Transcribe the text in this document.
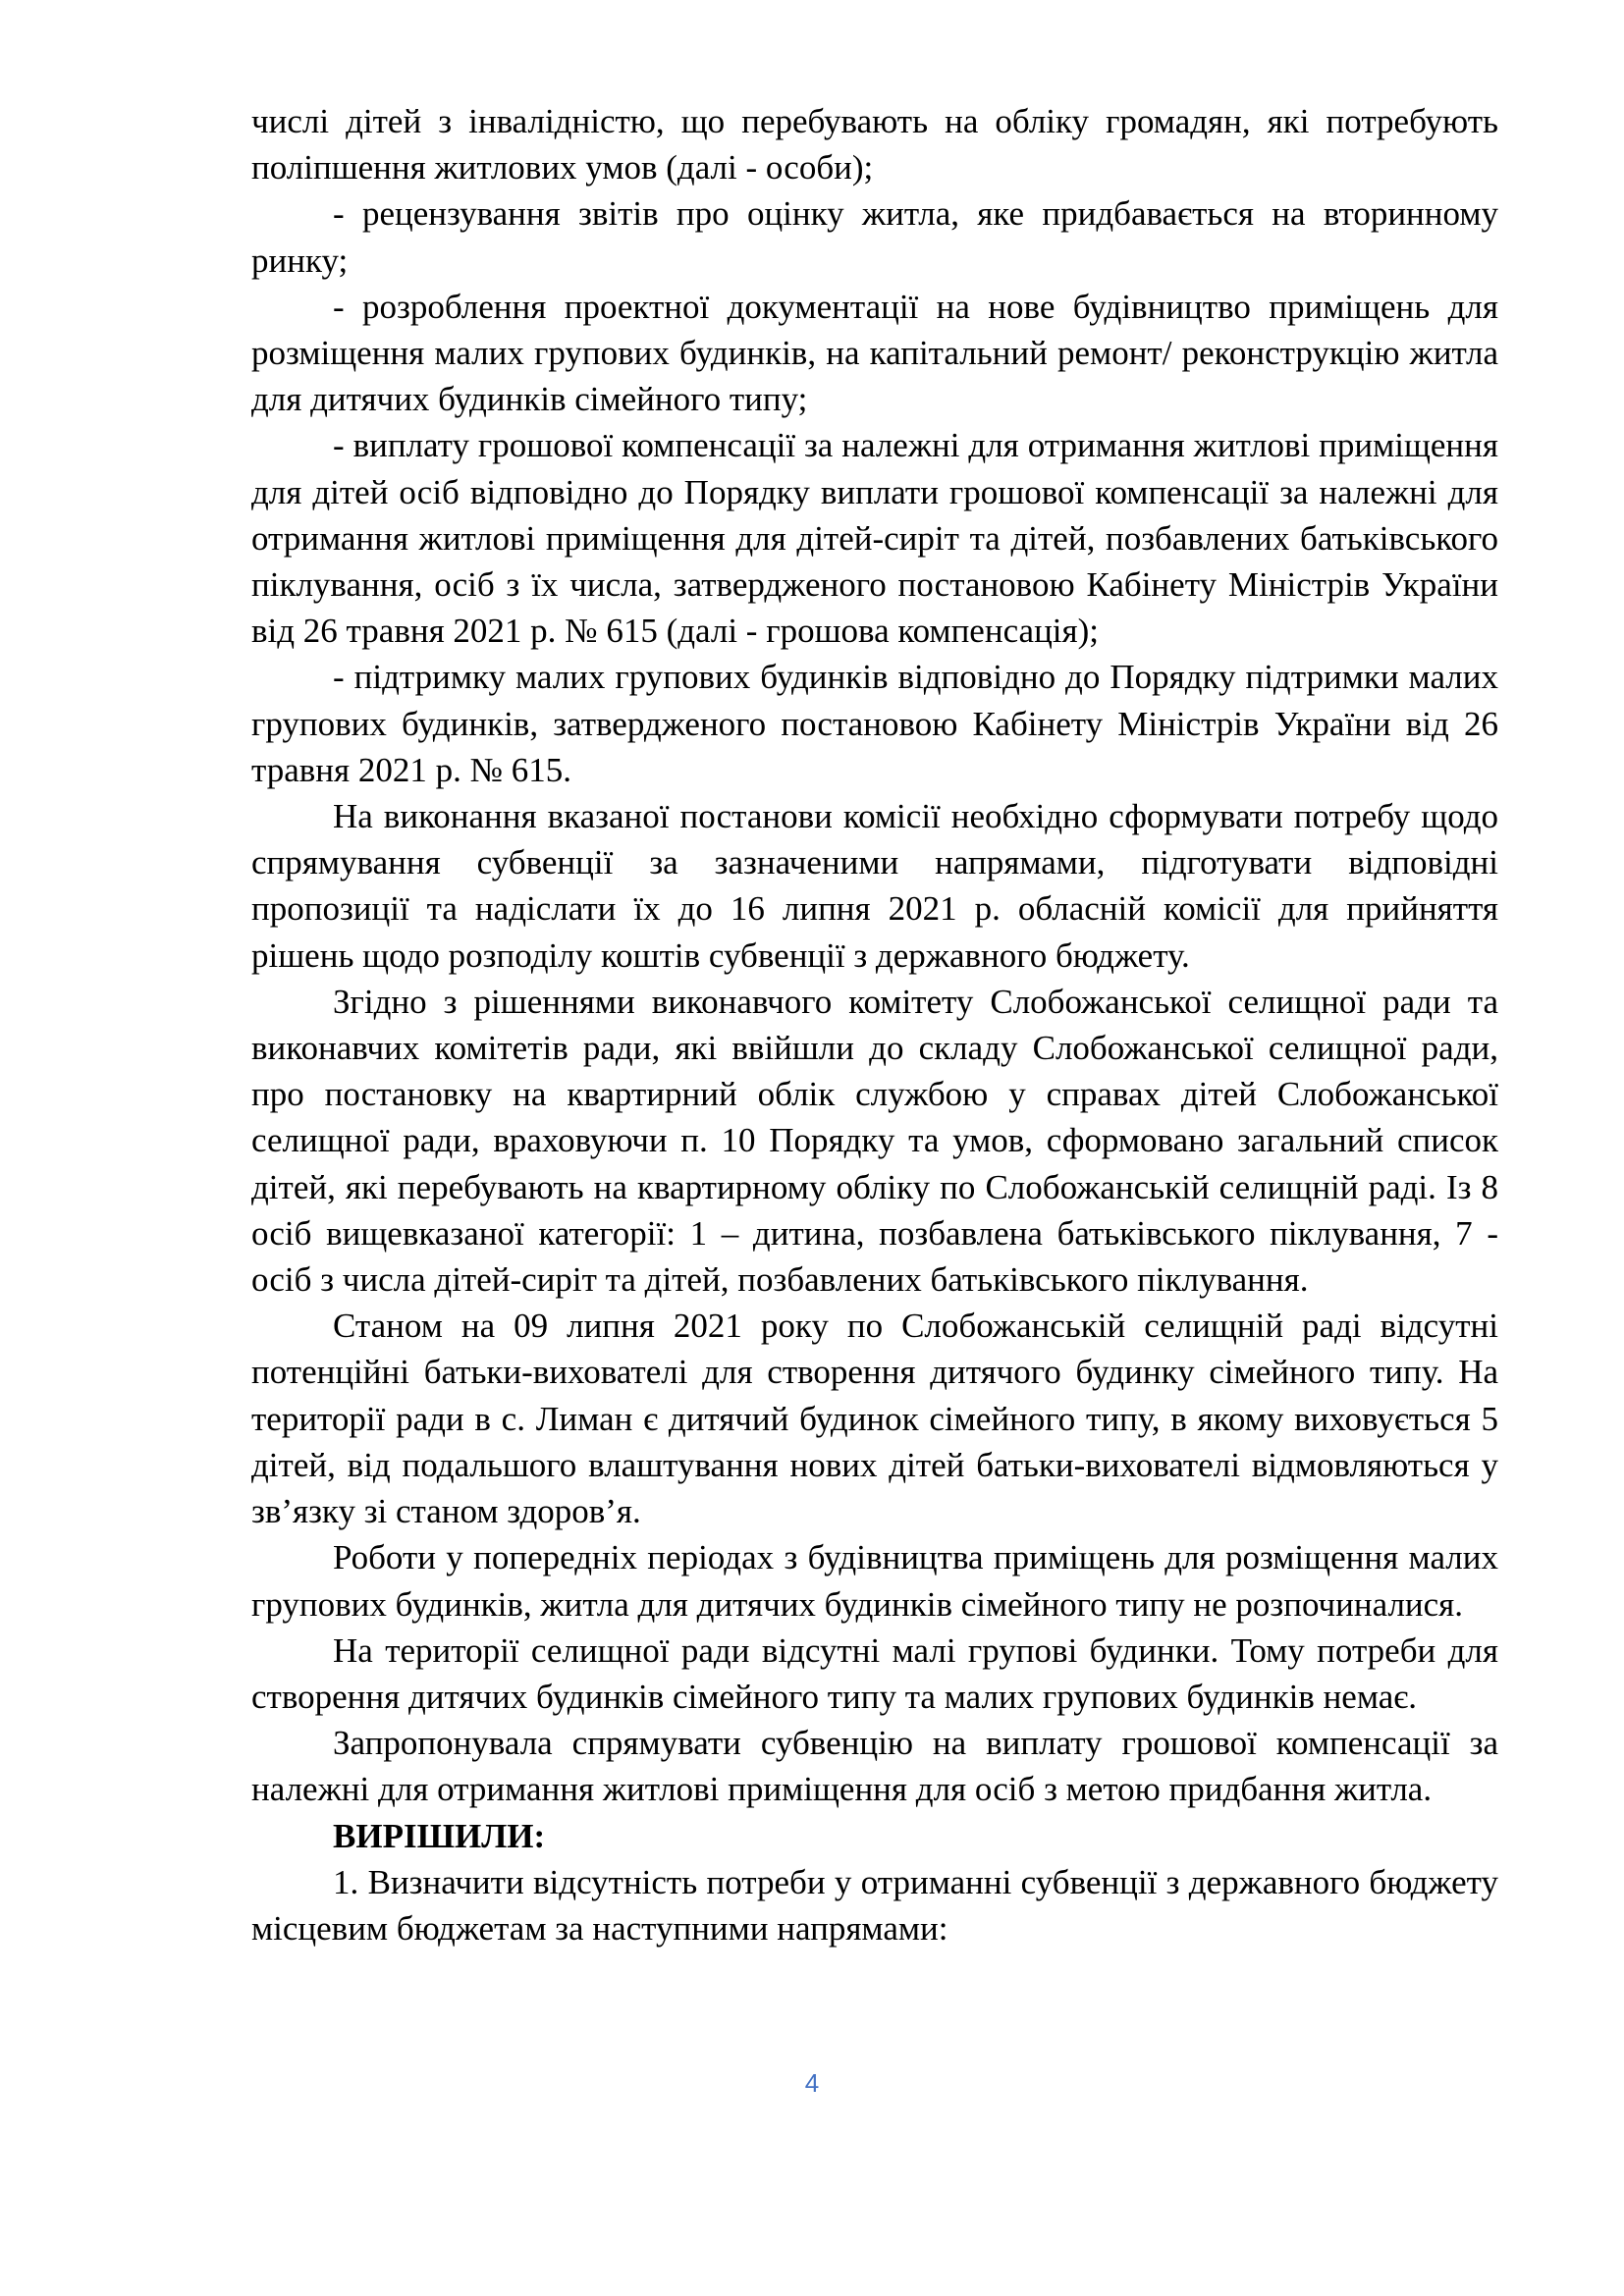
числі дітей з інвалідністю, що перебувають на обліку громадян, які потребують поліпшення житлових умов (далі - особи);

- рецензування звітів про оцінку житла, яке придбавається на вторинному ринку;

- розроблення проектної документації на нове будівництво приміщень для розміщення малих групових будинків, на капітальний ремонт/ реконструкцію житла для дитячих будинків сімейного типу;

- виплату грошової компенсації за належні для отримання житлові приміщення для дітей осіб відповідно до Порядку виплати грошової компенсації за належні для отримання житлові приміщення для дітей-сиріт та дітей, позбавлених батьківського піклування, осіб з їх числа, затвердженого постановою Кабінету Міністрів України від 26 травня 2021 р. № 615 (далі - грошова компенсація);

- підтримку малих групових будинків відповідно до Порядку підтримки малих групових будинків, затвердженого постановою Кабінету Міністрів України від 26 травня 2021 р. № 615.

На виконання вказаної постанови комісії необхідно сформувати потребу щодо спрямування субвенції за зазначеними напрямами, підготувати відповідні пропозиції та надіслати їх до 16 липня 2021 р. обласній комісії для прийняття рішень щодо розподілу коштів субвенції з державного бюджету.

Згідно з рішеннями виконавчого комітету Слобожанської селищної ради та виконавчих комітетів ради, які ввійшли до складу Слобожанської селищної ради, про постановку на квартирний облік службою у справах дітей Слобожанської селищної ради, враховуючи п. 10 Порядку та умов, сформовано загальний список дітей, які перебувають на квартирному обліку по Слобожанській селищній раді. Із 8 осіб вищевказаної категорії: 1 – дитина, позбавлена батьківського піклування, 7 - осіб з числа дітей-сиріт та дітей, позбавлених батьківського піклування.

Станом на 09 липня 2021 року по Слобожанській селищній раді відсутні потенційні батьки-вихователі для створення дитячого будинку сімейного типу. На території ради в с. Лиман є дитячий будинок сімейного типу, в якому виховується 5 дітей, від подальшого влаштування нових дітей батьки-вихователі відмовляються у зв’язку зі станом здоров’я.

Роботи у попередніх періодах з будівництва приміщень для розміщення малих групових будинків, житла для дитячих будинків сімейного типу не розпочиналися.

На території селищної ради відсутні малі групові будинки. Тому потреби для створення дитячих будинків сімейного типу та малих групових будинків немає.

Запропонувала спрямувати субвенцію на виплату грошової компенсації за належні для отримання житлові приміщення для осіб з метою придбання житла.

ВИРІШИЛИ:

1. Визначити відсутність потреби у отриманні субвенції з державного бюджету місцевим бюджетам за наступними напрямами:

4
